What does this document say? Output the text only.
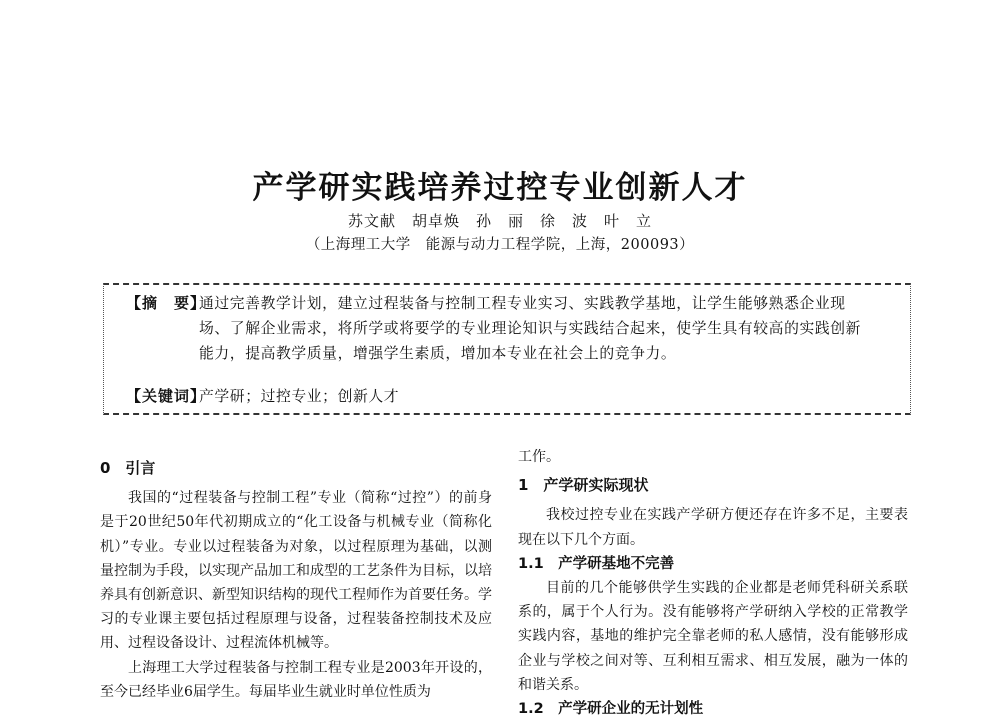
产学研实践培养过控专业创新人才
苏文献　胡卓焕　孙　丽　徐　波　叶　立
（上海理工大学　能源与动力工程学院，上海，200093）
【摘　要】
通过完善教学计划，建立过程装备与控制工程专业实习、实践教学基地，让学生能够熟悉企业现场、了解企业需求，将所学或将要学的专业理论知识与实践结合起来，使学生具有较高的实践创新能力，提高教学质量，增强学生素质，增加本专业在社会上的竞争力。
【关键词】
产学研；过控专业；创新人才
0　引言

我国的“过程装备与控制工程”专业（简称“过控”）的前身是于20世纪50年代初期成立的“化工设备与机械专业（简称化机）”专业。专业以过程装备为对象，以过程原理为基础，以测量控制为手段，以实现产品加工和成型的工艺条件为目标，以培养具有创新意识、新型知识结构的现代工程师作为首要任务。学习的专业课主要包括过程原理与设备，过程装备控制技术及应用、过程设备设计、过程流体机械等。

上海理工大学过程装备与控制工程专业是2003年开设的，至今已经毕业6届学生。每届毕业生就业时单位性质为

工作。

1　产学研实际现状

我校过控专业在实践产学研方便还存在许多不足，主要表现在以下几个方面。

1.1　产学研基地不完善

目前的几个能够供学生实践的企业都是老师凭科研关系联系的，属于个人行为。没有能够将产学研纳入学校的正常教学实践内容，基地的维护完全靠老师的私人感情，没有能够形成企业与学校之间对等、互利相互需求、相互发展，融为一体的和谐关系。

1.2　产学研企业的无计划性
